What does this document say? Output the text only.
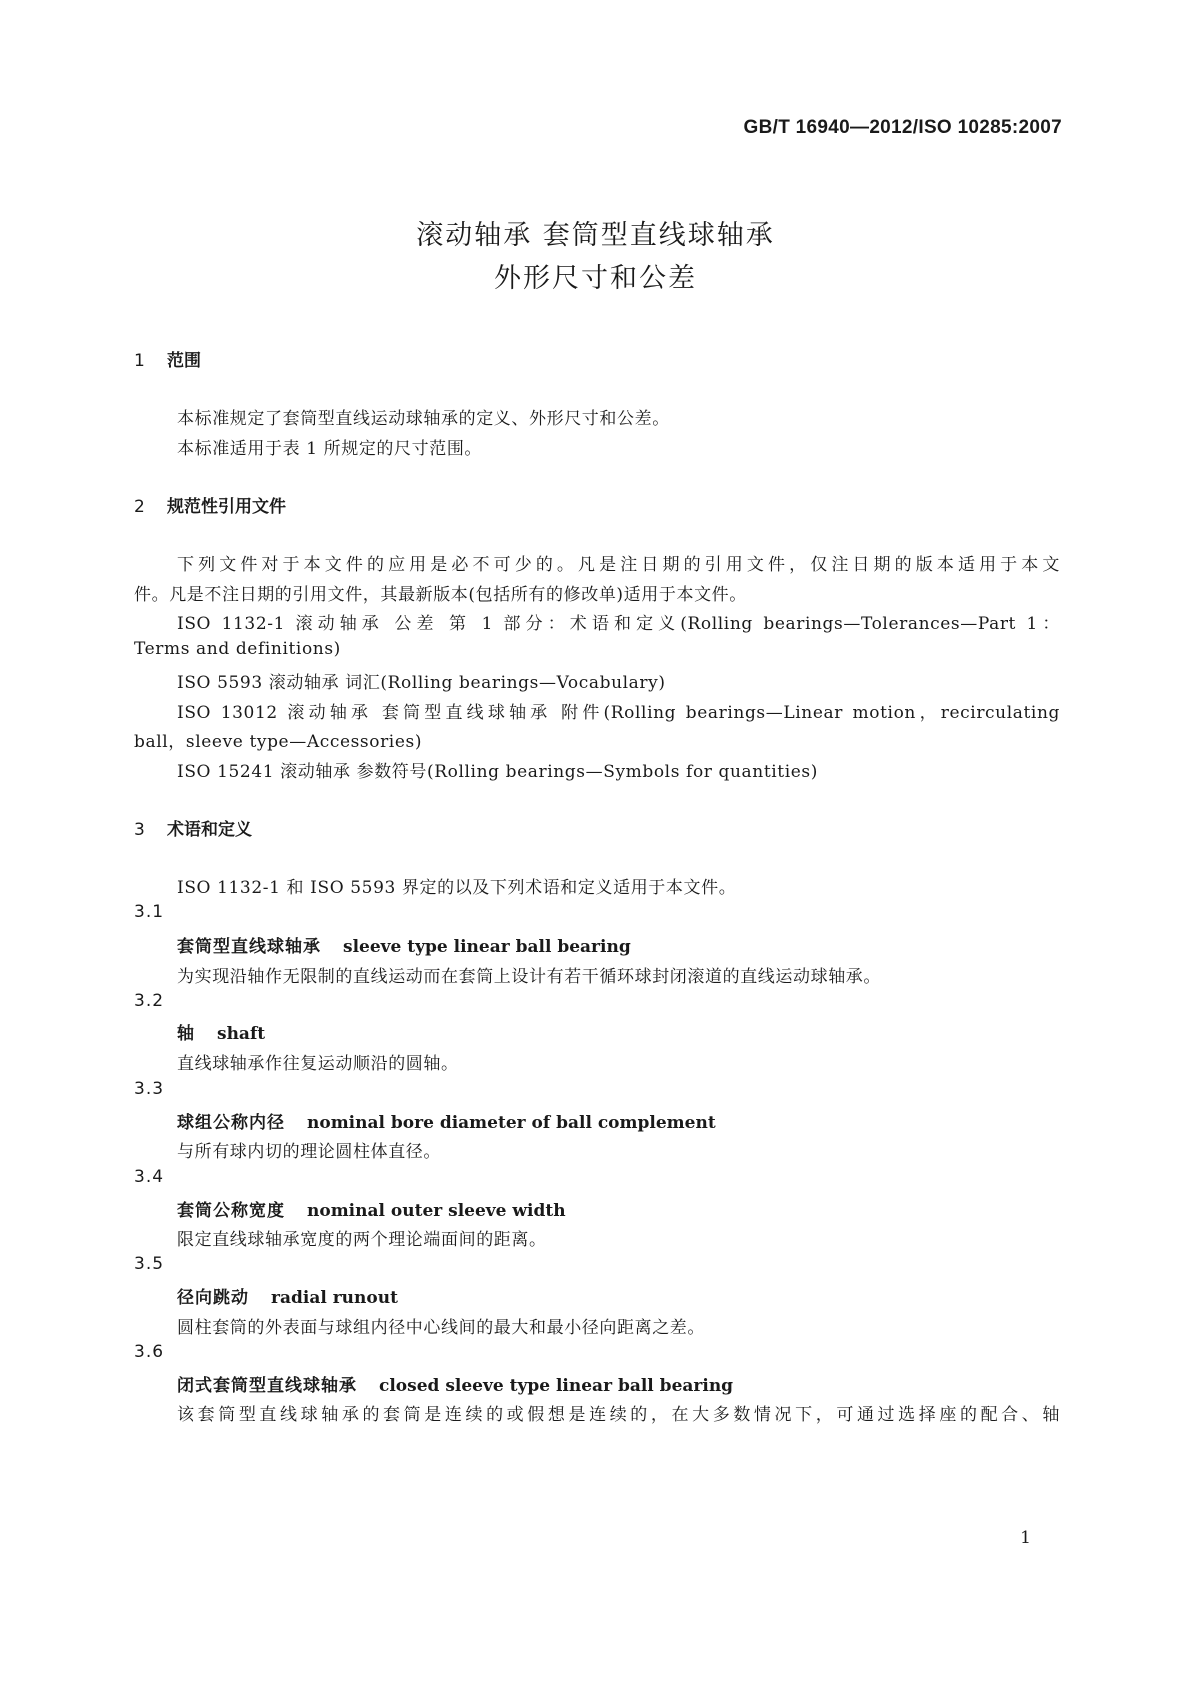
GB/T 16940—2012/ISO 10285:2007
滚动轴承 套筒型直线球轴承
外形尺寸和公差
1 范围
本标准规定了套筒型直线运动球轴承的定义、外形尺寸和公差。
本标准适用于表 1 所规定的尺寸范围。
2 规范性引用文件
下列文件对于本文件的应用是必不可少的。凡是注日期的引用文件，仅注日期的版本适用于本文
件。凡是不注日期的引用文件，其最新版本(包括所有的修改单)适用于本文件。
ISO 1132-1 滚动轴承 公差 第 1 部分：术语和定义(Rolling bearings—Tolerances—Part 1：
Terms and definitions)
ISO 5593 滚动轴承 词汇(Rolling bearings—Vocabulary)
ISO 13012 滚动轴承 套筒型直线球轴承 附件(Rolling bearings—Linear motion，recirculating
ball，sleeve type—Accessories)
ISO 15241 滚动轴承 参数符号(Rolling bearings—Symbols for quantities)
3 术语和定义
ISO 1132-1 和 ISO 5593 界定的以及下列术语和定义适用于本文件。
3.1
套筒型直线球轴承 sleeve type linear ball bearing
为实现沿轴作无限制的直线运动而在套筒上设计有若干循环球封闭滚道的直线运动球轴承。
3.2
轴 shaft
直线球轴承作往复运动顺沿的圆轴。
3.3
球组公称内径 nominal bore diameter of ball complement
与所有球内切的理论圆柱体直径。
3.4
套筒公称宽度 nominal outer sleeve width
限定直线球轴承宽度的两个理论端面间的距离。
3.5
径向跳动 radial runout
圆柱套筒的外表面与球组内径中心线间的最大和最小径向距离之差。
3.6
闭式套筒型直线球轴承 closed sleeve type linear ball bearing
该套筒型直线球轴承的套筒是连续的或假想是连续的，在大多数情况下，可通过选择座的配合、轴
1
